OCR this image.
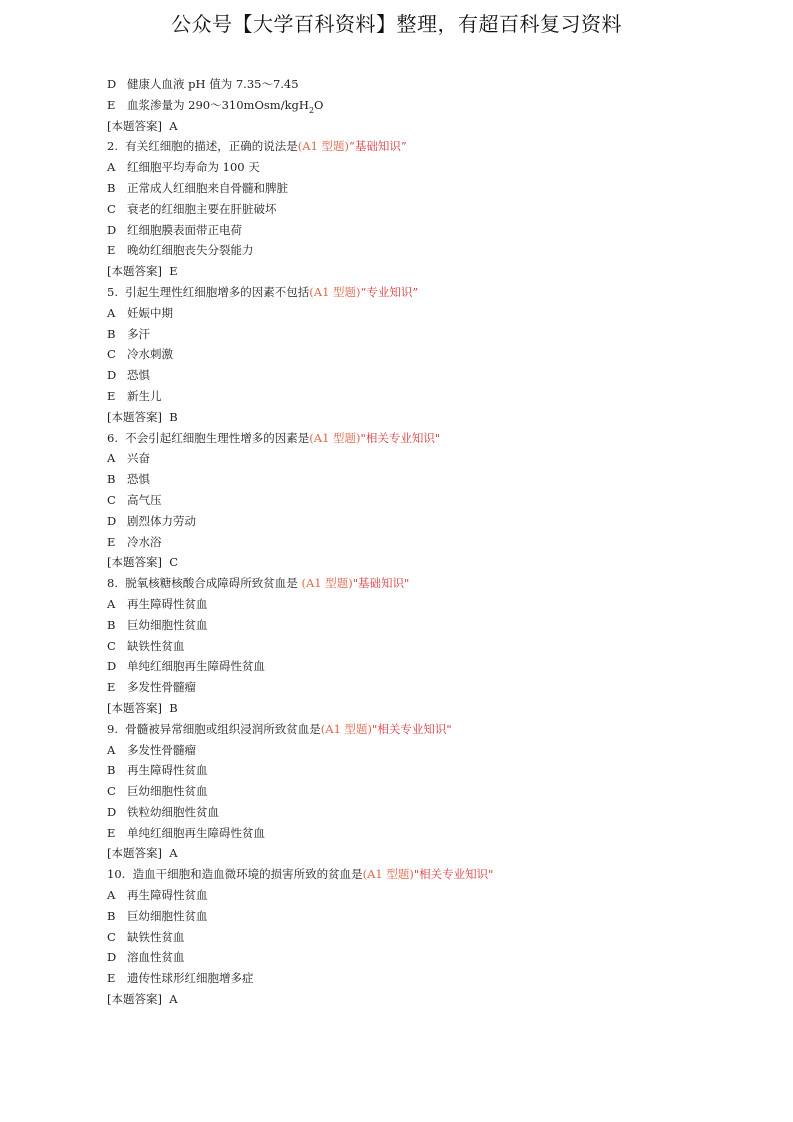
公众号【大学百科资料】整理，有超百科复习资料
D 健康人血液 pH 值为 7.35～7.45
E 血浆渗量为 290～310mOsm/kgH$_2$O
[本题答案] A
2. 有关红细胞的描述，正确的说法是(A1 型题)“基础知识”
A 红细胞平均寿命为 100 天
B 正常成人红细胞来自骨髓和脾脏
C 衰老的红细胞主要在肝脏破坏
D 红细胞膜表面带正电荷
E 晚幼红细胞丧失分裂能力
[本题答案] E
5. 引起生理性红细胞增多的因素不包括(A1 型题)“专业知识”
A 妊娠中期
B 多汗
C 冷水刺激
D 恐惧
E 新生儿
[本题答案] B
6. 不会引起红细胞生理性增多的因素是(A1 型题)"相关专业知识"
A 兴奋
B 恐惧
C 高气压
D 剧烈体力劳动
E 冷水浴
[本题答案] C
8. 脱氧核糖核酸合成障碍所致贫血是 (A1 型题)"基础知识"
A 再生障碍性贫血
B 巨幼细胞性贫血
C 缺铁性贫血
D 单纯红细胞再生障碍性贫血
E 多发性骨髓瘤
[本题答案] B
9. 骨髓被异常细胞或组织浸润所致贫血是(A1 型题)"相关专业知识"
A 多发性骨髓瘤
B 再生障碍性贫血
C 巨幼细胞性贫血
D 铁粒幼细胞性贫血
E 单纯红细胞再生障碍性贫血
[本题答案] A
10. 造血干细胞和造血微环境的损害所致的贫血是(A1 型题)"相关专业知识"
A 再生障碍性贫血
B 巨幼细胞性贫血
C 缺铁性贫血
D 溶血性贫血
E 遗传性球形红细胞增多症
[本题答案] A
